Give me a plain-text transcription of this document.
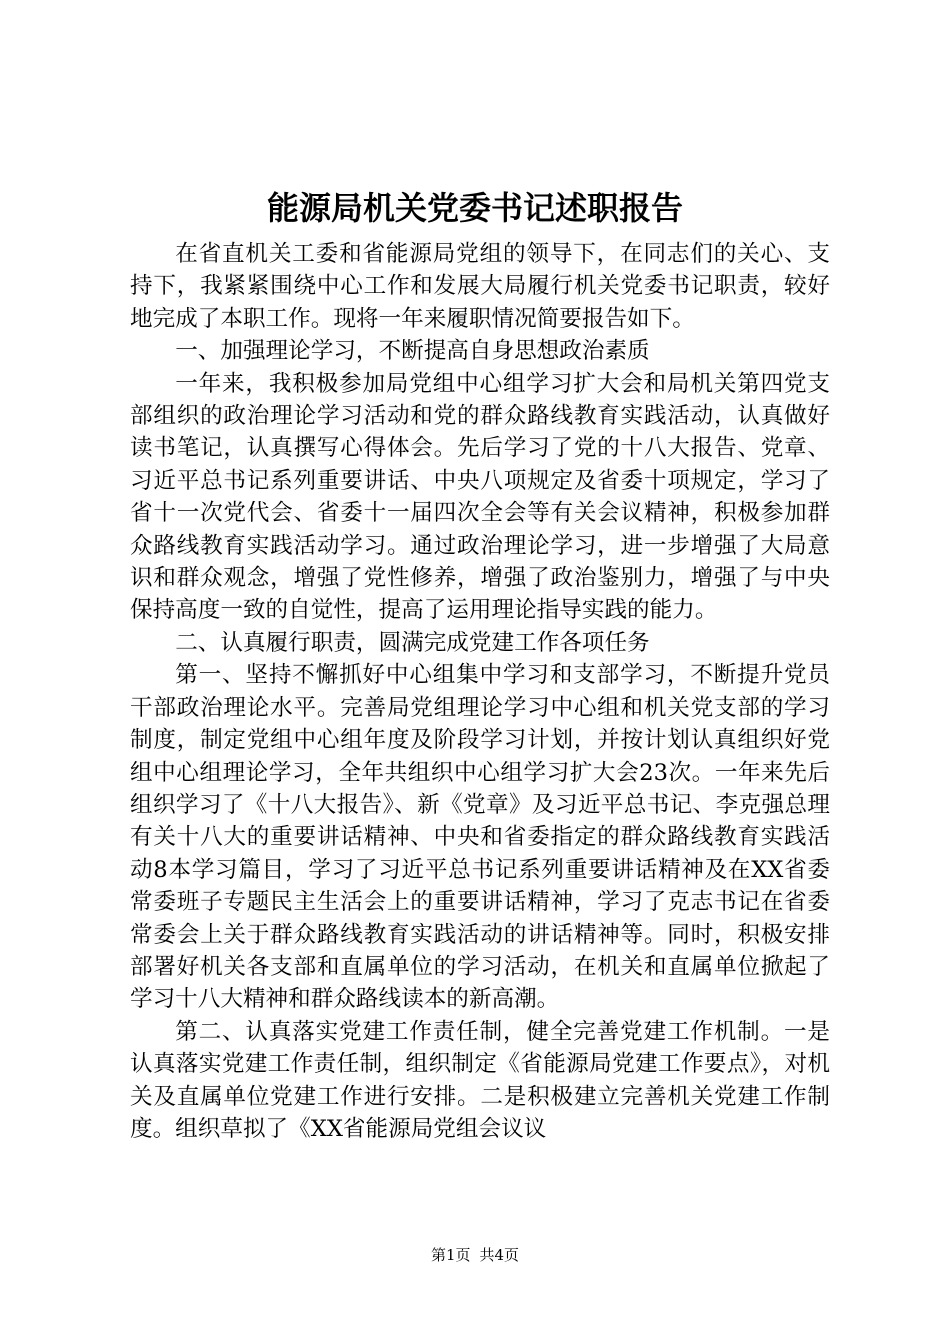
能源局机关党委书记述职报告

在省直机关工委和省能源局党组的领导下，在同志们的关心、支持下，我紧紧围绕中心工作和发展大局履行机关党委书记职责，较好地完成了本职工作。现将一年来履职情况简要报告如下。

一、加强理论学习，不断提高自身思想政治素质

一年来，我积极参加局党组中心组学习扩大会和局机关第四党支部组织的政治理论学习活动和党的群众路线教育实践活动，认真做好读书笔记，认真撰写心得体会。先后学习了党的十八大报告、党章、习近平总书记系列重要讲话、中央八项规定及省委十项规定，学习了省十一次党代会、省委十一届四次全会等有关会议精神，积极参加群众路线教育实践活动学习。通过政治理论学习，进一步增强了大局意识和群众观念，增强了党性修养，增强了政治鉴别力，增强了与中央保持高度一致的自觉性，提高了运用理论指导实践的能力。

二、认真履行职责，圆满完成党建工作各项任务

第一、坚持不懈抓好中心组集中学习和支部学习，不断提升党员干部政治理论水平。完善局党组理论学习中心组和机关党支部的学习制度，制定党组中心组年度及阶段学习计划，并按计划认真组织好党组中心组理论学习，全年共组织中心组学习扩大会23次。一年来先后组织学习了《十八大报告》、新《党章》及习近平总书记、李克强总理有关十八大的重要讲话精神、中央和省委指定的群众路线教育实践活动8本学习篇目，学习了习近平总书记系列重要讲话精神及在XX省委常委班子专题民主生活会上的重要讲话精神，学习了克志书记在省委常委会上关于群众路线教育实践活动的讲话精神等。同时，积极安排部署好机关各支部和直属单位的学习活动，在机关和直属单位掀起了学习十八大精神和群众路线读本的新高潮。

第二、认真落实党建工作责任制，健全完善党建工作机制。一是认真落实党建工作责任制，组织制定《省能源局党建工作要点》，对机关及直属单位党建工作进行安排。二是积极建立完善机关党建工作制度。组织草拟了《XX省能源局党组会议议

第1页 共4页
